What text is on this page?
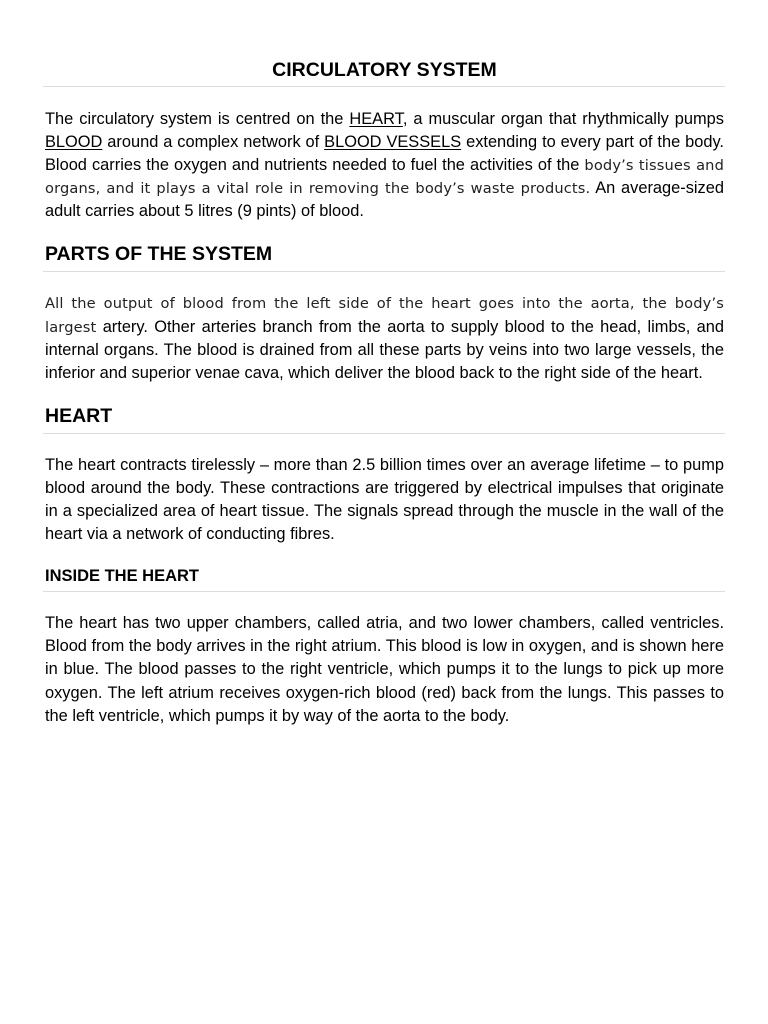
CIRCULATORY SYSTEM

The circulatory system is centred on the HEART, a muscular organ that rhythmically pumps BLOOD around a complex network of BLOOD VESSELS extending to every part of the body. Blood carries the oxygen and nutrients needed to fuel the activities of the body’s tissues and organs, and it plays a vital role in removing the body’s waste products. An average-sized adult carries about 5 litres (9 pints) of blood.

PARTS OF THE SYSTEM

All the output of blood from the left side of the heart goes into the aorta, the body’s largest artery. Other arteries branch from the aorta to supply blood to the head, limbs, and internal organs. The blood is drained from all these parts by veins into two large vessels, the inferior and superior venae cava, which deliver the blood back to the right side of the heart.

HEART

The heart contracts tirelessly – more than 2.5 billion times over an average lifetime – to pump blood around the body. These contractions are triggered by electrical impulses that originate in a specialized area of heart tissue. The signals spread through the muscle in the wall of the heart via a network of conducting fibres.

INSIDE THE HEART

The heart has two upper chambers, called atria, and two lower chambers, called ventricles. Blood from the body arrives in the right atrium. This blood is low in oxygen, and is shown here in blue. The blood passes to the right ventricle, which pumps it to the lungs to pick up more oxygen. The left atrium receives oxygen-rich blood (red) back from the lungs. This passes to the left ventricle, which pumps it by way of the aorta to the body.
